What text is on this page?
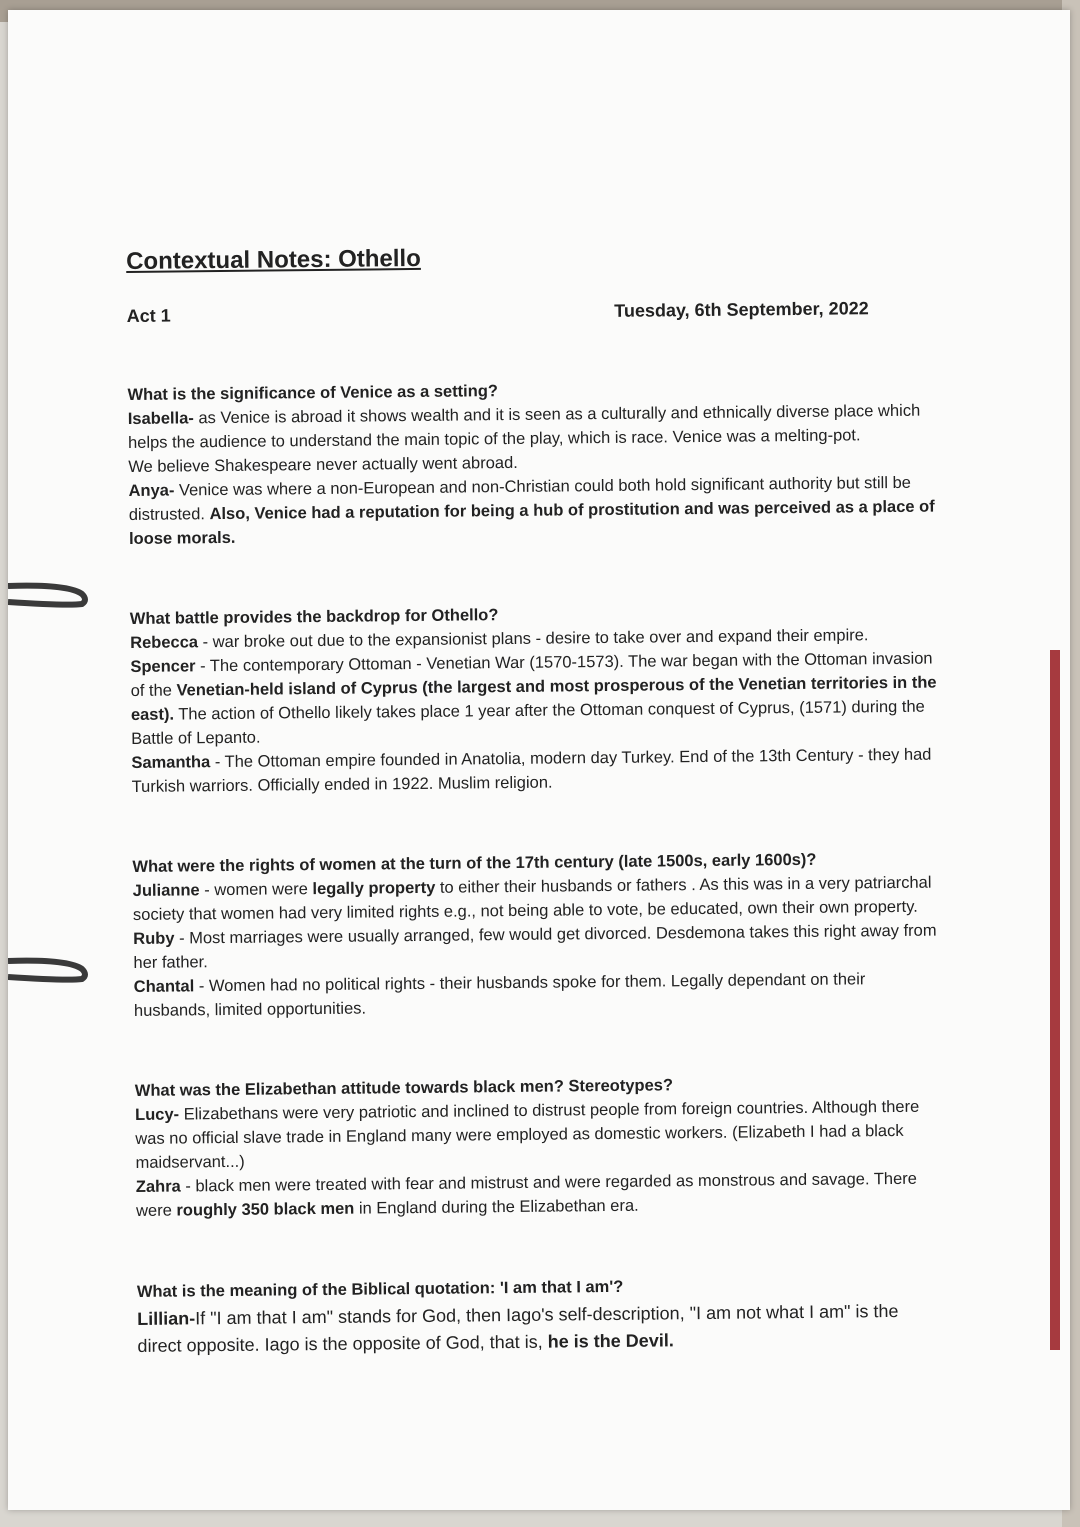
Contextual Notes: Othello
Act 1	Tuesday, 6th September, 2022

What is the significance of Venice as a setting?

Isabella- as Venice is abroad it shows wealth and it is seen as a culturally and ethnically diverse place which helps the audience to understand the main topic of the play, which is race. Venice was a melting-pot.

We believe Shakespeare never actually went abroad.

Anya- Venice was where a non-European and non-Christian could both hold significant authority but still be distrusted. Also, Venice had a reputation for being a hub of prostitution and was perceived as a place of loose morals.

What battle provides the backdrop for Othello?

Rebecca - war broke out due to the expansionist plans - desire to take over and expand their empire.

Spencer - The contemporary Ottoman - Venetian War (1570-1573). The war began with the Ottoman invasion of the Venetian-held island of Cyprus (the largest and most prosperous of the Venetian territories in the east). The action of Othello likely takes place 1 year after the Ottoman conquest of Cyprus, (1571) during the Battle of Lepanto.

Samantha - The Ottoman empire founded in Anatolia, modern day Turkey. End of the 13th Century - they had Turkish warriors. Officially ended in 1922. Muslim religion.

What were the rights of women at the turn of the 17th century (late 1500s, early 1600s)?

Julianne - women were legally property to either their husbands or fathers . As this was in a very patriarchal society that women had very limited rights e.g., not being able to vote, be educated, own their own property.

Ruby - Most marriages were usually arranged, few would get divorced. Desdemona takes this right away from her father.

Chantal - Women had no political rights - their husbands spoke for them. Legally dependant on their husbands, limited opportunities.

What was the Elizabethan attitude towards black men? Stereotypes?

Lucy- Elizabethans were very patriotic and inclined to distrust people from foreign countries. Although there was no official slave trade in England many were employed as domestic workers. (Elizabeth I had a black maidservant...)

Zahra - black men were treated with fear and mistrust and were regarded as monstrous and savage. There were roughly 350 black men in England during the Elizabethan era.

What is the meaning of the Biblical quotation: 'I am that I am'?

Lillian-If "I am that I am" stands for God, then Iago's self-description, "I am not what I am" is the direct opposite. Iago is the opposite of God, that is, he is the Devil.
